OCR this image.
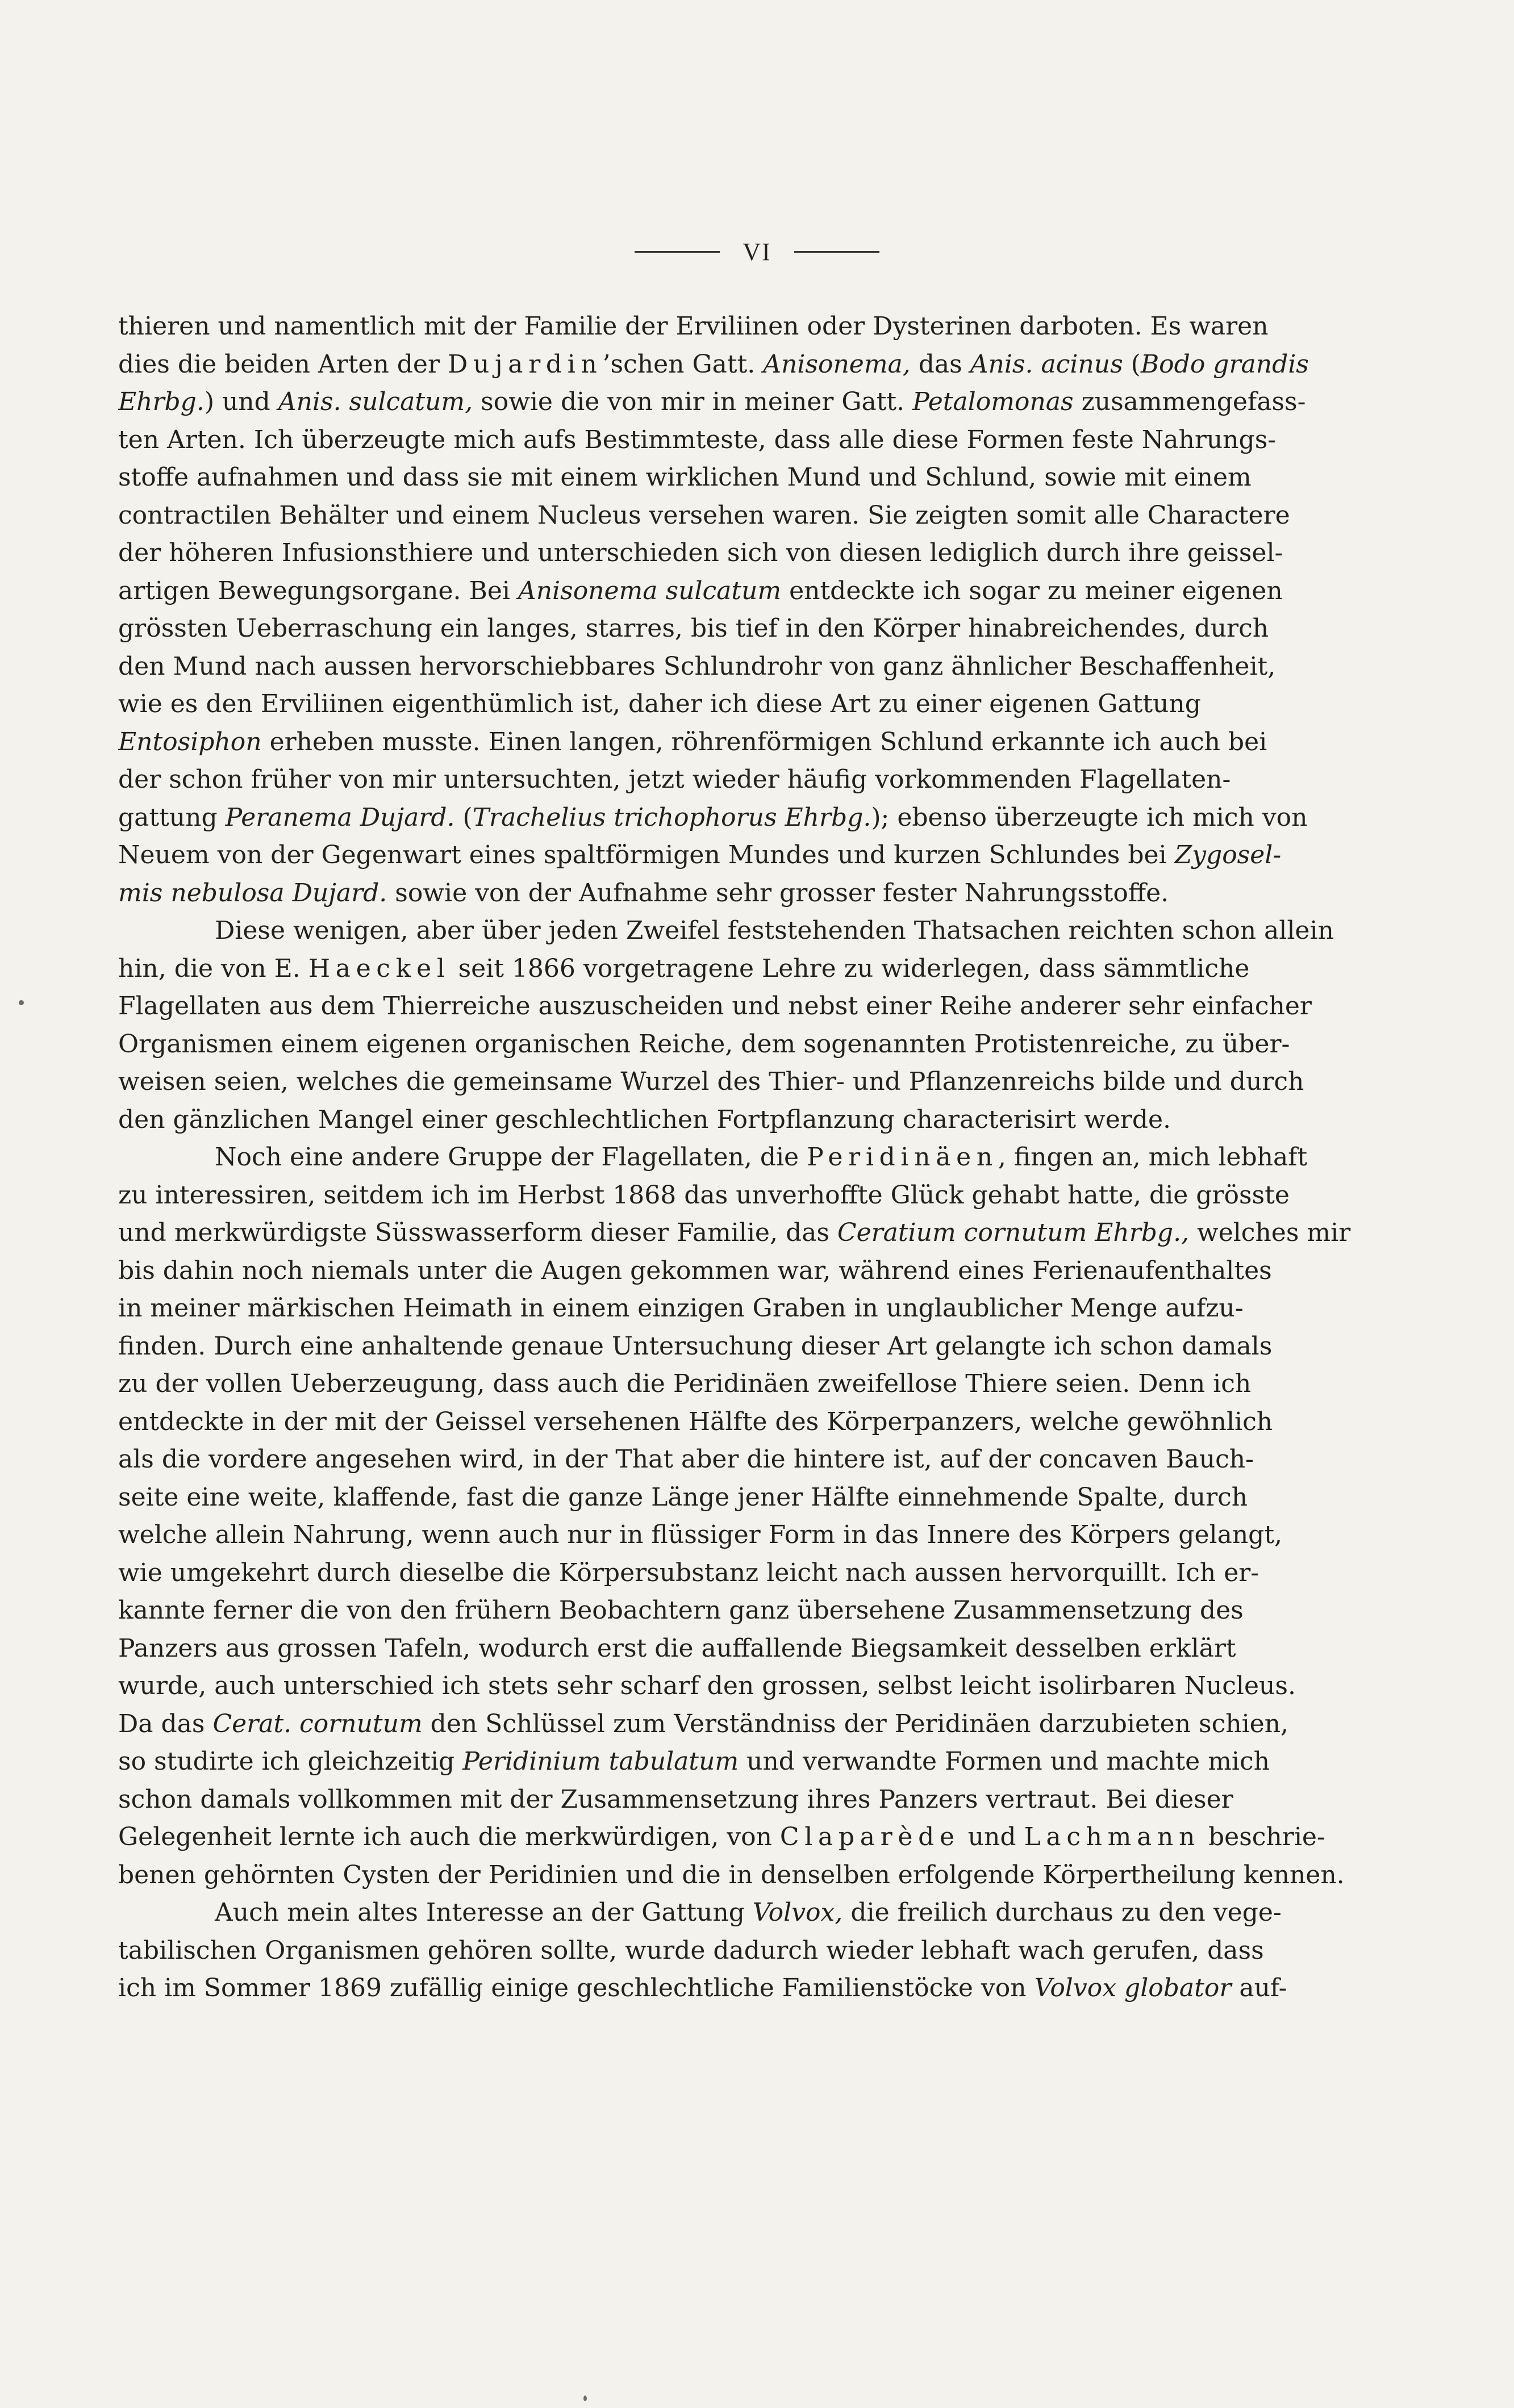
VI
thieren und namentlich mit der Familie der Erviliinen oder Dysterinen darboten. Es waren
dies die beiden Arten der Dujardin’schen Gatt. Anisonema, das Anis. acinus (Bodo grandis
Ehrbg.) und Anis. sulcatum, sowie die von mir in meiner Gatt. Petalomonas zusammengefass-
ten Arten. Ich überzeugte mich aufs Bestimmteste, dass alle diese Formen feste Nahrungs-
stoffe aufnahmen und dass sie mit einem wirklichen Mund und Schlund, sowie mit einem
contractilen Behälter und einem Nucleus versehen waren. Sie zeigten somit alle Charactere
der höheren Infusionsthiere und unterschieden sich von diesen lediglich durch ihre geissel-
artigen Bewegungsorgane. Bei Anisonema sulcatum entdeckte ich sogar zu meiner eigenen
grössten Ueberraschung ein langes, starres, bis tief in den Körper hinabreichendes, durch
den Mund nach aussen hervorschiebbares Schlundrohr von ganz ähnlicher Beschaffenheit,
wie es den Erviliinen eigenthümlich ist, daher ich diese Art zu einer eigenen Gattung
Entosiphon erheben musste. Einen langen, röhrenförmigen Schlund erkannte ich auch bei
der schon früher von mir untersuchten, jetzt wieder häufig vorkommenden Flagellaten-
gattung Peranema Dujard. (Trachelius trichophorus Ehrbg.); ebenso überzeugte ich mich von
Neuem von der Gegenwart eines spaltförmigen Mundes und kurzen Schlundes bei Zygosel-
mis nebulosa Dujard. sowie von der Aufnahme sehr grosser fester Nahrungsstoffe.
Diese wenigen, aber über jeden Zweifel feststehenden Thatsachen reichten schon allein
hin, die von E. Haeckel seit 1866 vorgetragene Lehre zu widerlegen, dass sämmtliche
Flagellaten aus dem Thierreiche auszuscheiden und nebst einer Reihe anderer sehr einfacher
Organismen einem eigenen organischen Reiche, dem sogenannten Protistenreiche, zu über-
weisen seien, welches die gemeinsame Wurzel des Thier- und Pflanzenreichs bilde und durch
den gänzlichen Mangel einer geschlechtlichen Fortpflanzung characterisirt werde.
Noch eine andere Gruppe der Flagellaten, die Peridinäen, fingen an, mich lebhaft
zu interessiren, seitdem ich im Herbst 1868 das unverhoffte Glück gehabt hatte, die grösste
und merkwürdigste Süsswasserform dieser Familie, das Ceratium cornutum Ehrbg., welches mir
bis dahin noch niemals unter die Augen gekommen war, während eines Ferienaufenthaltes
in meiner märkischen Heimath in einem einzigen Graben in unglaublicher Menge aufzu-
finden. Durch eine anhaltende genaue Untersuchung dieser Art gelangte ich schon damals
zu der vollen Ueberzeugung, dass auch die Peridinäen zweifellose Thiere seien. Denn ich
entdeckte in der mit der Geissel versehenen Hälfte des Körperpanzers, welche gewöhnlich
als die vordere angesehen wird, in der That aber die hintere ist, auf der concaven Bauch-
seite eine weite, klaffende, fast die ganze Länge jener Hälfte einnehmende Spalte, durch
welche allein Nahrung, wenn auch nur in flüssiger Form in das Innere des Körpers gelangt,
wie umgekehrt durch dieselbe die Körpersubstanz leicht nach aussen hervorquillt. Ich er-
kannte ferner die von den frühern Beobachtern ganz übersehene Zusammensetzung des
Panzers aus grossen Tafeln, wodurch erst die auffallende Biegsamkeit desselben erklärt
wurde, auch unterschied ich stets sehr scharf den grossen, selbst leicht isolirbaren Nucleus.
Da das Cerat. cornutum den Schlüssel zum Verständniss der Peridinäen darzubieten schien,
so studirte ich gleichzeitig Peridinium tabulatum und verwandte Formen und machte mich
schon damals vollkommen mit der Zusammensetzung ihres Panzers vertraut. Bei dieser
Gelegenheit lernte ich auch die merkwürdigen, von Claparède und Lachmann beschrie-
benen gehörnten Cysten der Peridinien und die in denselben erfolgende Körpertheilung kennen.
Auch mein altes Interesse an der Gattung Volvox, die freilich durchaus zu den vege-
tabilischen Organismen gehören sollte, wurde dadurch wieder lebhaft wach gerufen, dass
ich im Sommer 1869 zufällig einige geschlechtliche Familienstöcke von Volvox globator auf-
